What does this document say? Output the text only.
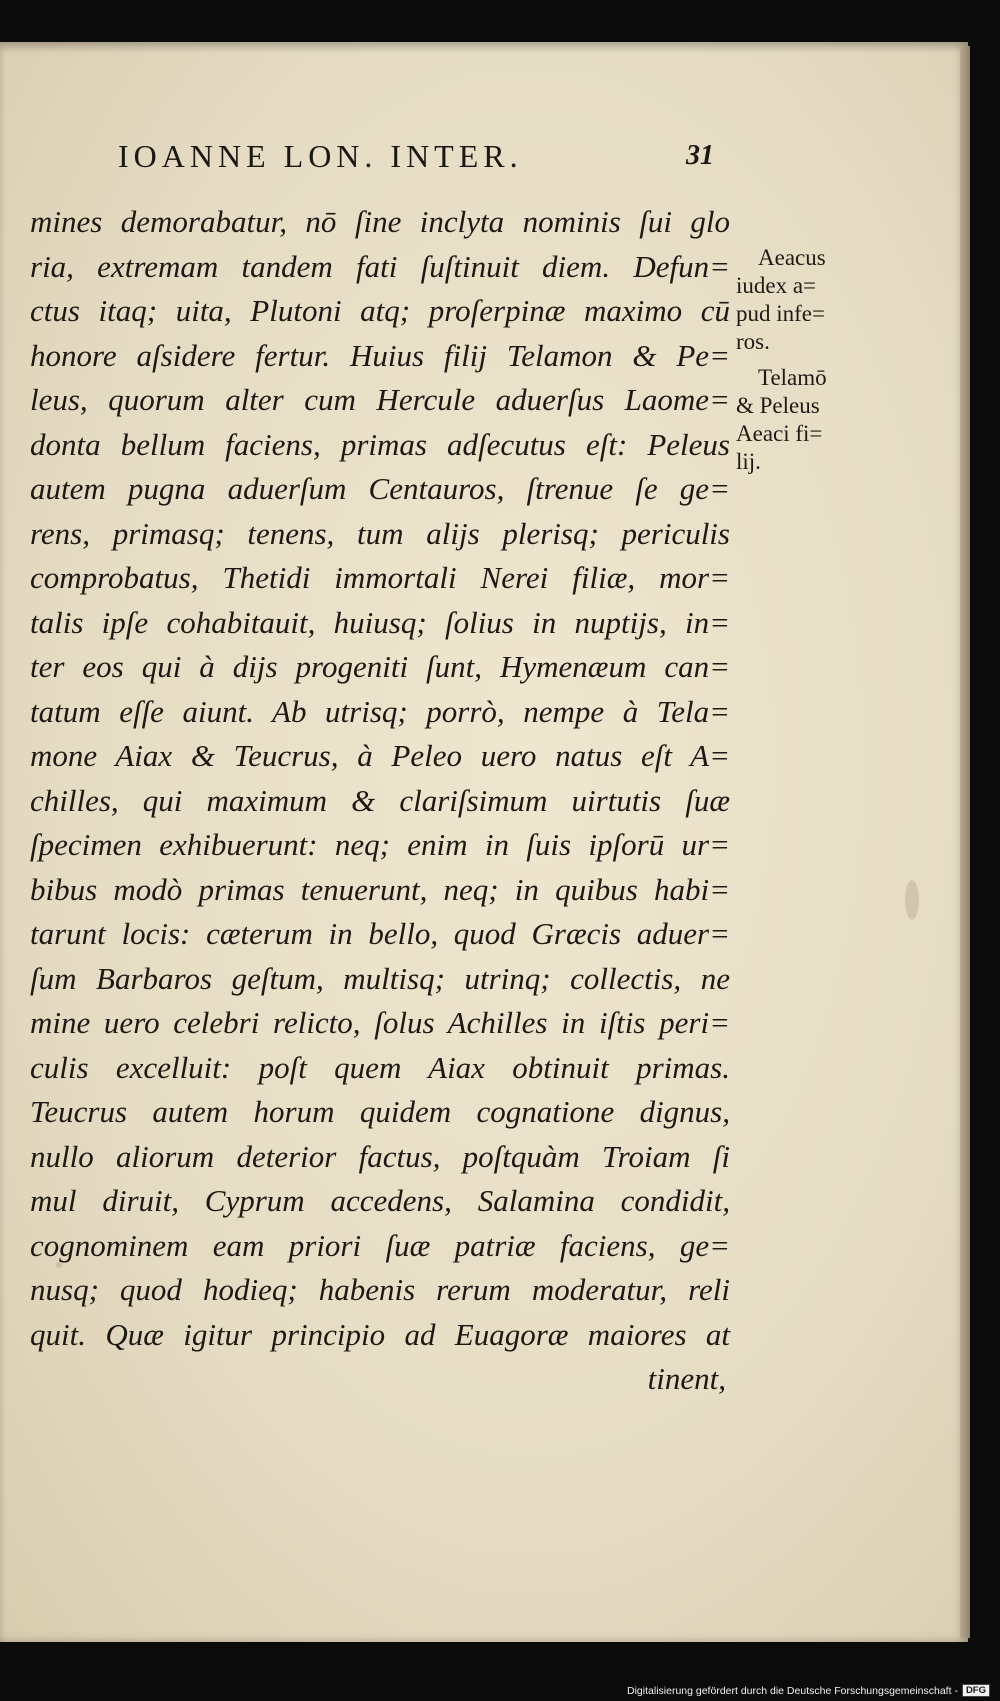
IOANNE LON. INTER.	31
mines demorabatur, nō ſine inclyta nominis ſui glo
ria, extremam tandem fati ſuſtinuit diem. Defun=
ctus itaq; uita, Plutoni atq; proſerpinæ maximo cū
honore aſsidere fertur. Huius filij Telamon & Pe=
leus, quorum alter cum Hercule aduerſus Laome=
donta bellum faciens, primas adſecutus eſt: Peleus
autem pugna aduerſum Centauros, ſtrenue ſe ge=
rens, primasq; tenens, tum alijs plerisq; periculis
comprobatus, Thetidi immortali Nerei filiæ, mor=
talis ipſe cohabitauit, huiusq; ſolius in nuptijs, in=
ter eos qui à dijs progeniti ſunt, Hymenæum can=
tatum eſſe aiunt. Ab utrisq; porrò, nempe à Tela=
mone Aiax & Teucrus, à Peleo uero natus eſt A=
chilles, qui maximum & clariſsimum uirtutis ſuæ
ſpecimen exhibuerunt: neq; enim in ſuis ipſorū ur=
bibus modò primas tenuerunt, neq; in quibus habi=
tarunt locis: cæterum in bello, quod Græcis aduer=
ſum Barbaros geſtum, multisq; utrinq; collectis, ne
mine uero celebri relicto, ſolus Achilles in iſtis peri=
culis excelluit: poſt quem Aiax obtinuit primas.
Teucrus autem horum quidem cognatione dignus,
nullo aliorum deterior factus, poſtquàm Troiam ſi
mul diruit, Cyprum accedens, Salamina condidit,
cognominem eam priori ſuæ patriæ faciens, ge=
nusq; quod hodieq; habenis rerum moderatur, reli
quit. Quæ igitur principio ad Euagoræ maiores at
tinent,
Aeacus
iudex a=
pud infe=
ros.
Telamō
& Peleus
Aeaci fi=
lij.
Digitalisierung gefördert durch die Deutsche Forschungsgemeinschaft - DFG
